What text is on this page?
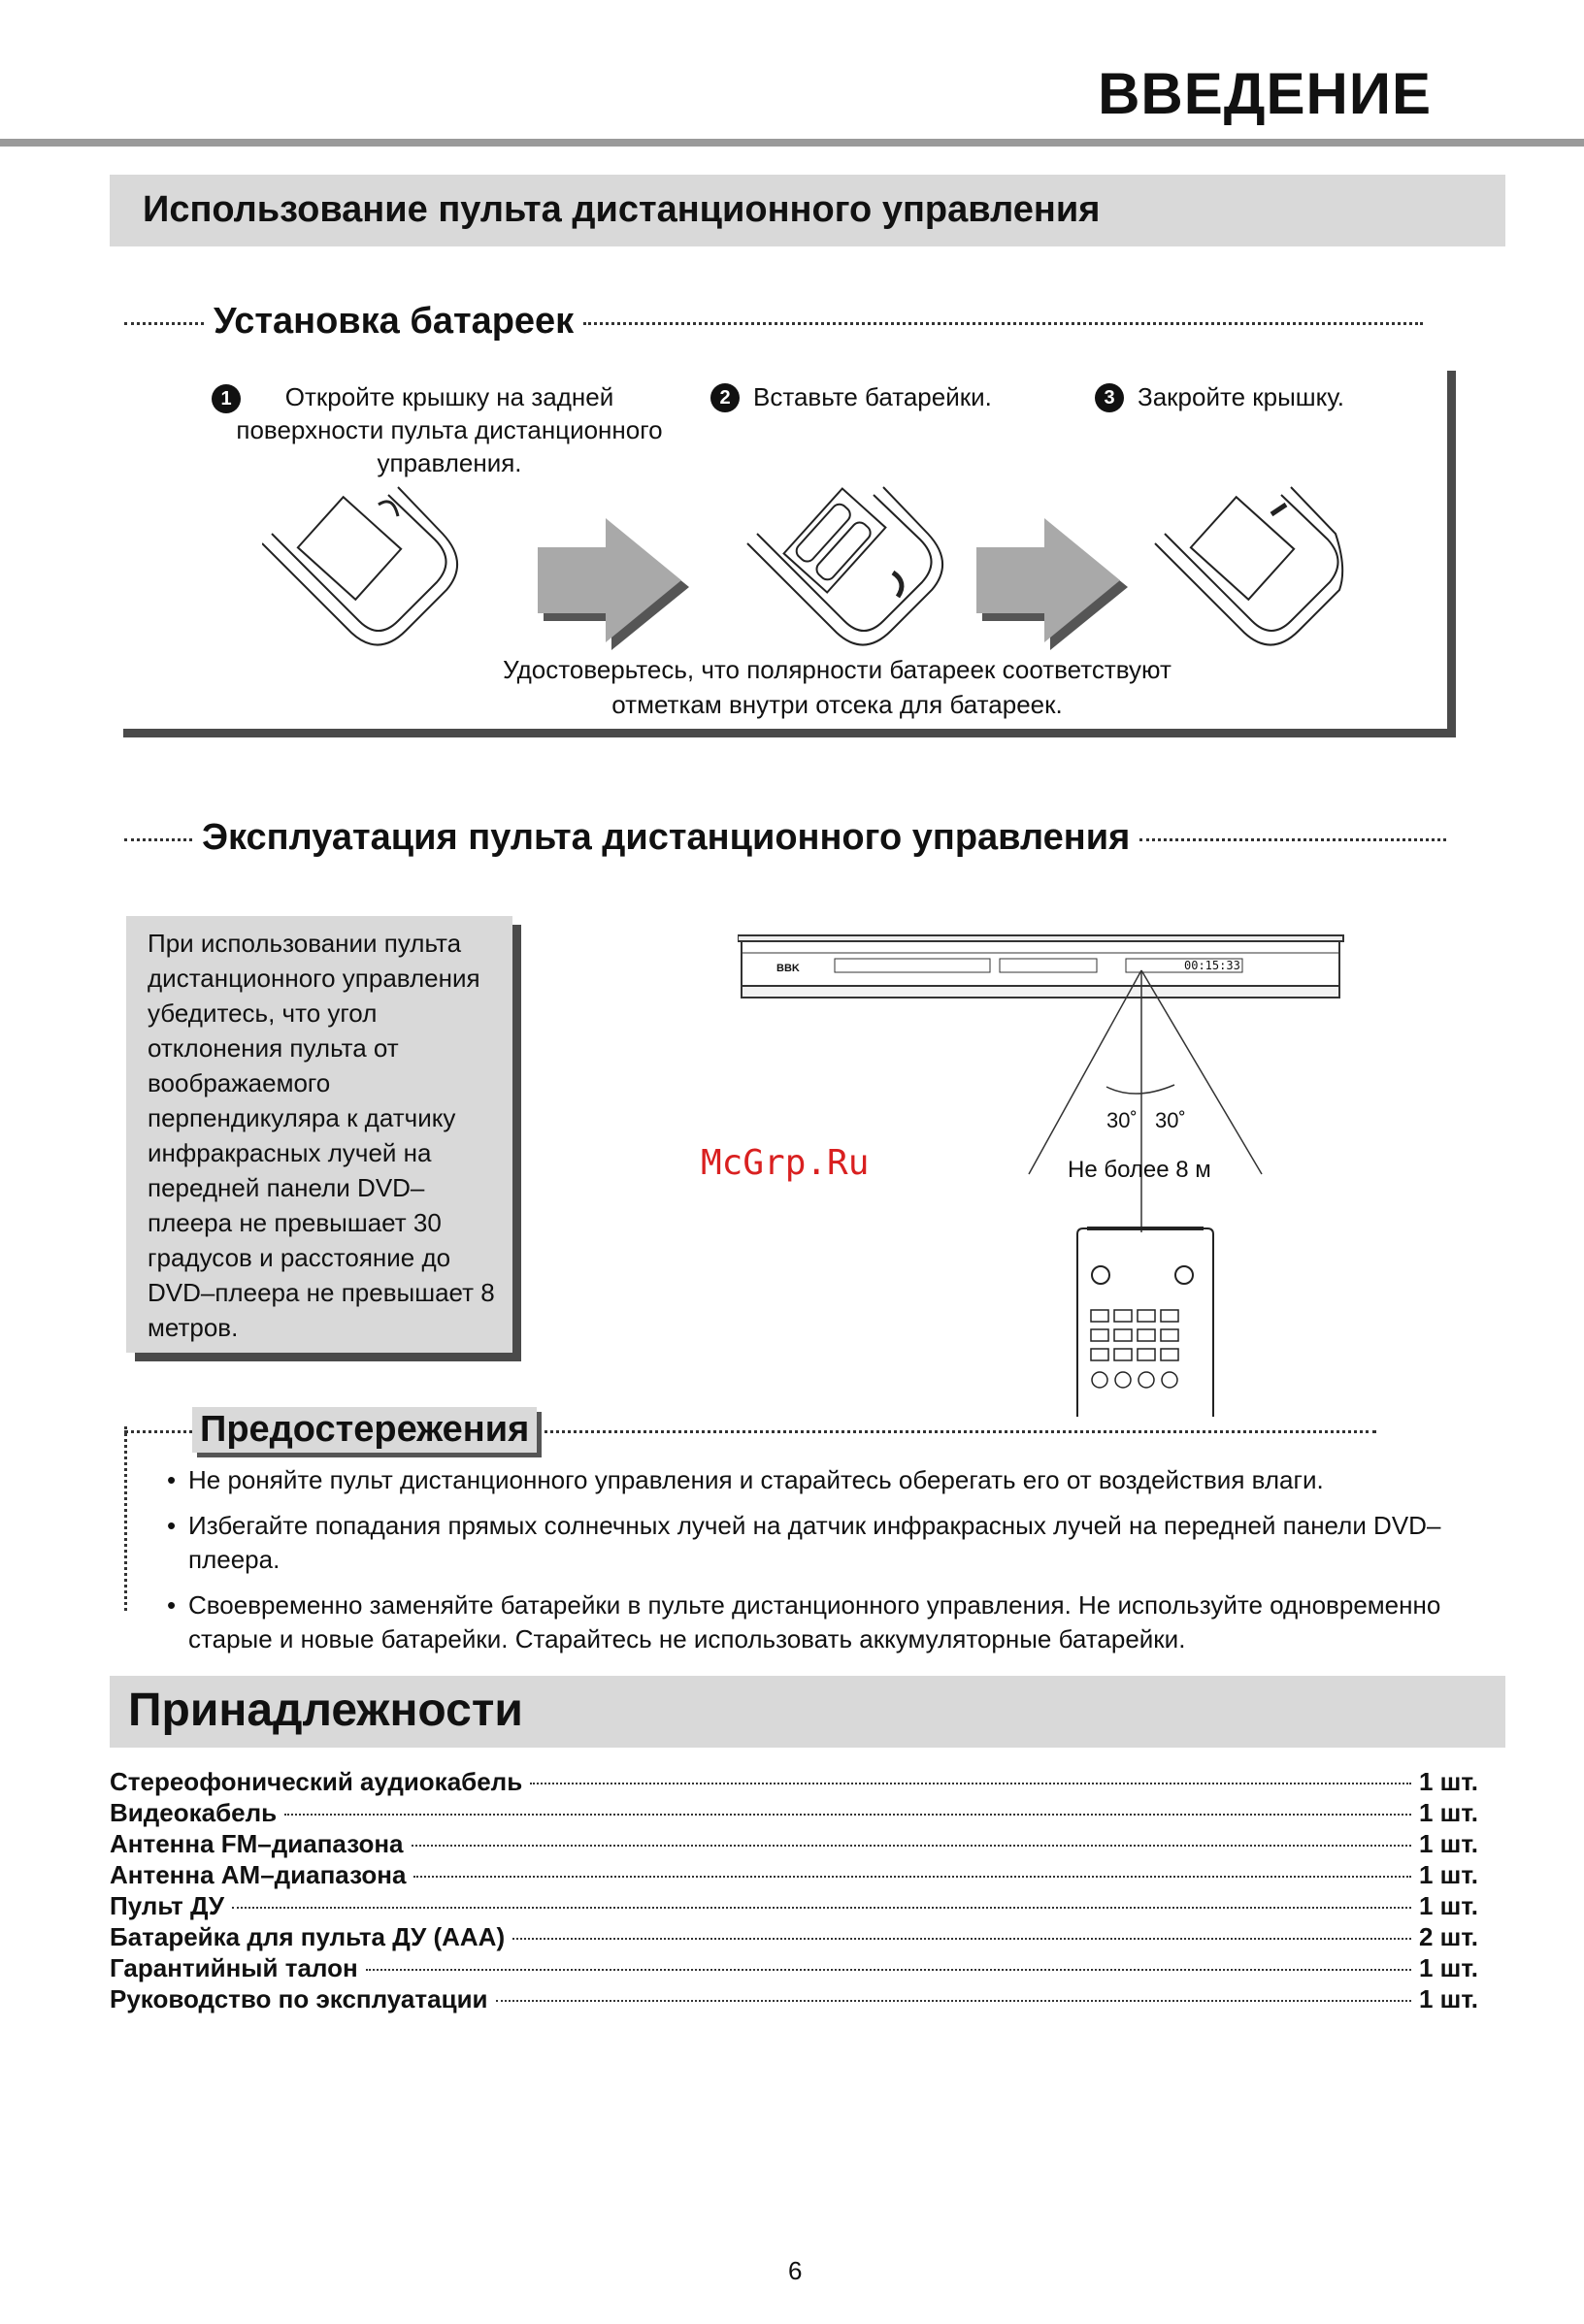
ВВЕДЕНИЕ
Использование пульта дистанционного управления
Установка батареек
1	Откройте крышку на задней поверхности пульта дистанционного управления.
2 Вставьте батарейки.	3 Закройте крышку.
Удостоверьтесь, что полярности батареек соответствуют отметкам внутри отсека для батареек.
Эксплуатация пульта дистанционного управления

При использовании пульта дистанционного управления убедитесь, что угол отклонения пульта от воображаемого перпендикуляра к датчику инфракрасных лучей на передней панели DVD–плеера не превышает 30 градусов и расстояние до DVD–плеера не превышает 8 метров.

BBK	00:15:33
30˚ 30˚
Не более 8 м
McGrp.Ru
Предостережения
• Не роняйте пульт дистанционного управления и старайтесь оберегать его от воздействия влаги.
• Избегайте попадания прямых солнечных лучей на датчик инфракрасных лучей на передней панели DVD–плеера.
• Своевременно заменяйте батарейки в пульте дистанционного управления. Не используйте одновременно старые и новые батарейки. Старайтесь не использовать аккумуляторные батарейки.
Принадлежности
Стереофонический аудиокабель	1 шт.
Видеокабель	1 шт.
Антенна FM–диапазона	1 шт.
Антенна AM–диапазона	1 шт.
Пульт ДУ	1 шт.
Батарейка для пульта ДУ (AAA)	2 шт.
Гарантийный талон	1 шт.
Руководство по эксплуатации	1 шт.
6
